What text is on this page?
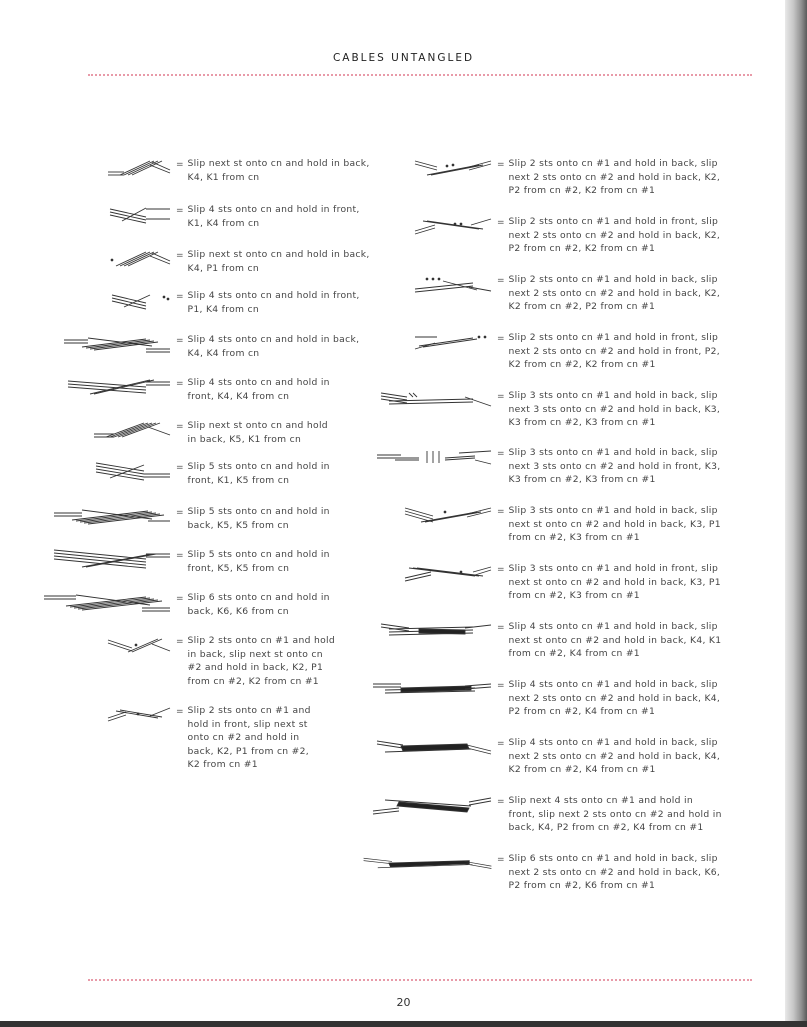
CABLES UNTANGLED
= Slip next st onto cn and hold in back,
K4, K1 from cn
= Slip 4 sts onto cn and hold in front,
K1, K4 from cn
= Slip next st onto cn and hold in back,
K4, P1 from cn
= Slip 4 sts onto cn and hold in front,
P1, K4 from cn
= Slip 4 sts onto cn and hold in back,
K4, K4 from cn
= Slip 4 sts onto cn and hold in
front, K4, K4 from cn
= Slip next st onto cn and hold
in back, K5, K1 from cn
= Slip 5 sts onto cn and hold in
front, K1, K5 from cn
= Slip 5 sts onto cn and hold in
back, K5, K5 from cn
= Slip 5 sts onto cn and hold in
front, K5, K5 from cn
= Slip 6 sts onto cn and hold in
back, K6, K6 from cn
= Slip 2 sts onto cn #1 and hold
in back, slip next st onto cn
#2 and hold in back, K2, P1
from cn #2, K2 from cn #1
= Slip 2 sts onto cn #1 and
hold in front, slip next st
onto cn #2 and hold in
back, K2, P1 from cn #2,
K2 from cn #1
= Slip 2 sts onto cn #1 and hold in back, slip
next 2 sts onto cn #2 and hold in back, K2,
P2 from cn #2, K2 from cn #1
= Slip 2 sts onto cn #1 and hold in front, slip
next 2 sts onto cn #2 and hold in back, K2,
P2 from cn #2, K2 from cn #1
= Slip 2 sts onto cn #1 and hold in back, slip
next 2 sts onto cn #2 and hold in back, K2,
K2 from cn #2, P2 from cn #1
= Slip 2 sts onto cn #1 and hold in front, slip
next 2 sts onto cn #2 and hold in front, P2,
K2 from cn #2, K2 from cn #1
= Slip 3 sts onto cn #1 and hold in back, slip
next 3 sts onto cn #2 and hold in back, K3,
K3 from cn #2, K3 from cn #1
= Slip 3 sts onto cn #1 and hold in back, slip
next 3 sts onto cn #2 and hold in front, K3,
K3 from cn #2, K3 from cn #1
= Slip 3 sts onto cn #1 and hold in back, slip
next st onto cn #2 and hold in back, K3, P1
from cn #2, K3 from cn #1
= Slip 3 sts onto cn #1 and hold in front, slip
next st onto cn #2 and hold in back, K3, P1
from cn #2, K3 from cn #1
= Slip 4 sts onto cn #1 and hold in back, slip
next st onto cn #2 and hold in back, K4, K1
from cn #2, K4 from cn #1
= Slip 4 sts onto cn #1 and hold in back, slip
next 2 sts onto cn #2 and hold in back, K4,
P2 from cn #2, K4 from cn #1
= Slip 4 sts onto cn #1 and hold in back, slip
next 2 sts onto cn #2 and hold in back, K4,
K2 from cn #2, K4 from cn #1
= Slip next 4 sts onto cn #1 and hold in
front, slip next 2 sts onto cn #2 and hold in
back, K4, P2 from cn #2, K4 from cn #1
= Slip 6 sts onto cn #1 and hold in back, slip
next 2 sts onto cn #2 and hold in back, K6,
P2 from cn #2, K6 from cn #1
20
